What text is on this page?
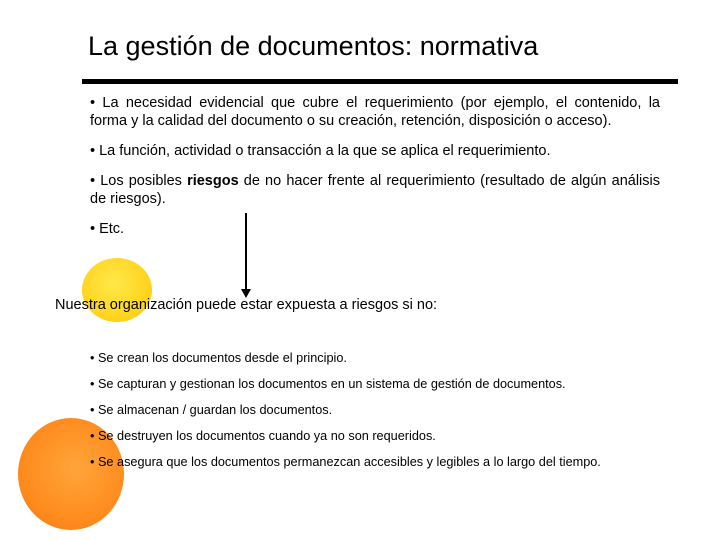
La gestión de documentos: normativa
• La necesidad evidencial que cubre el requerimiento (por ejemplo, el contenido, la forma y la calidad del documento o su creación, retención, disposición o acceso).
• La función, actividad o transacción a la que se aplica el requerimiento.
• Los posibles riesgos de no hacer frente al requerimiento (resultado de algún análisis de riesgos).
• Etc.
Nuestra organización puede estar expuesta a riesgos si no:
• Se crean los documentos desde el principio.
• Se capturan y gestionan los documentos en un sistema de gestión de documentos.
• Se almacenan / guardan los documentos.
• Se destruyen los documentos cuando ya no son requeridos.
• Se asegura que los documentos permanezcan accesibles y legibles a lo largo del tiempo.
